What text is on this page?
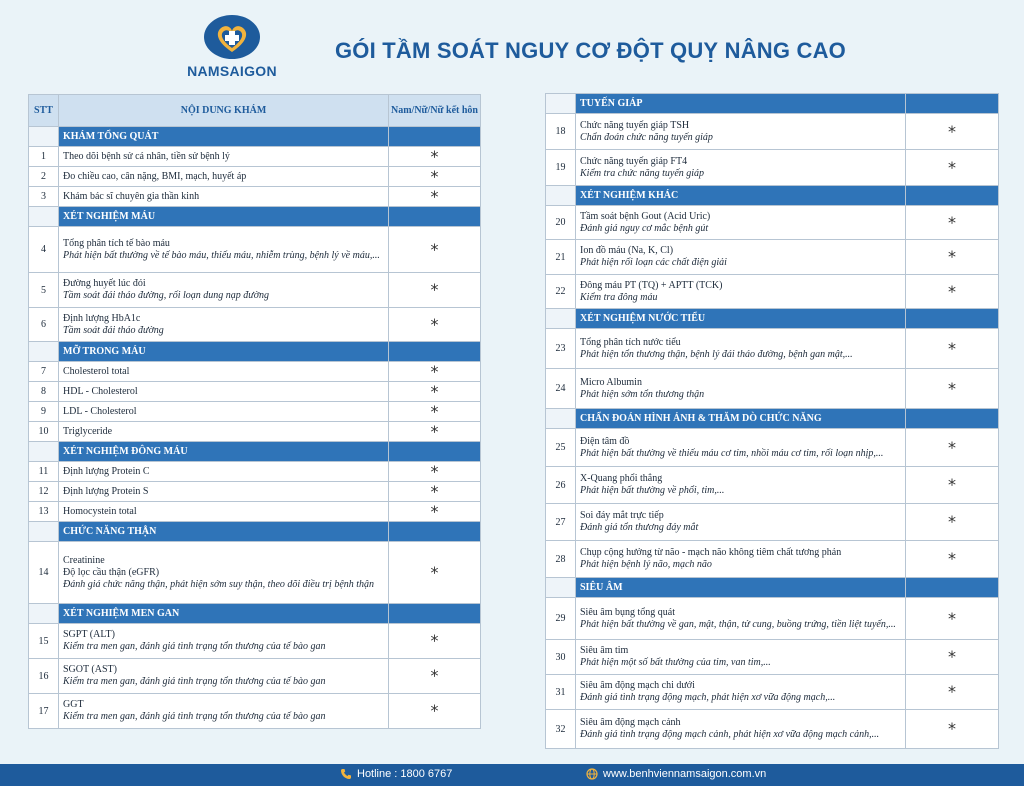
NAMSAIGON
GÓI TẦM SOÁT NGUY CƠ ĐỘT QUỴ NÂNG CAO
STT	NỘI DUNG KHÁM	Nam/Nữ/Nữ kết hôn
	KHÁM TỔNG QUÁT	
1	Theo dõi bệnh sử cá nhân, tiền sử bệnh lý	*
2	Đo chiều cao, cân nặng, BMI, mạch, huyết áp	*
3	Khám bác sĩ chuyên gia thần kinh	*
	XÉT NGHIỆM MÁU	
4	Tổng phân tích tế bào máu
Phát hiện bất thường về tế bào máu, thiếu máu, nhiễm trùng, bệnh lý về máu,...	*
5	Đường huyết lúc đói
Tầm soát đái tháo đường, rối loạn dung nạp đường	*
6	Định lượng HbA1c
Tầm soát đái tháo đường	*
	MỠ TRONG MÁU	
7	Cholesterol total	*
8	HDL - Cholesterol	*
9	LDL - Cholesterol	*
10	Triglyceride	*
	XÉT NGHIỆM ĐÔNG MÁU	
11	Định lượng Protein C	*
12	Định lượng Protein S	*
13	Homocystein total	*
	CHỨC NĂNG THẬN	
14	Creatinine
Độ lọc cầu thận (eGFR)
Đánh giá chức năng thận, phát hiện sớm suy thận, theo dõi điều trị bệnh thận	*
	XÉT NGHIỆM MEN GAN	
15	SGPT (ALT)
Kiểm tra men gan, đánh giá tình trạng tổn thương của tế bào gan	*
16	SGOT (AST)
Kiểm tra men gan, đánh giá tình trạng tổn thương của tế bào gan	*
17	GGT
Kiểm tra men gan, đánh giá tình trạng tổn thương của tế bào gan	*
	TUYẾN GIÁP	
18	Chức năng tuyến giáp TSH
Chẩn đoán chức năng tuyến giáp	*
19	Chức năng tuyến giáp FT4
Kiểm tra chức năng tuyến giáp	*
	XÉT NGHIỆM KHÁC	
20	Tầm soát bệnh Gout (Acid Uric)
Đánh giá nguy cơ mắc bệnh gút	*
21	Ion đồ máu (Na, K, Cl)
Phát hiện rối loạn các chất điện giải	*
22	Đông máu PT (TQ) + APTT (TCK)
Kiểm tra đông máu	*
	XÉT NGHIỆM NƯỚC TIỂU	
23	Tổng phân tích nước tiểu
Phát hiện tổn thương thận, bệnh lý đái tháo đường, bệnh gan mật,...	*
24	Micro Albumin
Phát hiện sớm tổn thương thận	*
	CHẨN ĐOÁN HÌNH ẢNH & THĂM DÒ CHỨC NĂNG	
25	Điện tâm đồ
Phát hiện bất thường về thiếu máu cơ tim, nhồi máu cơ tim, rối loạn nhịp,...	*
26	X-Quang phổi thẳng
Phát hiện bất thường về phổi, tim,...	*
27	Soi đáy mắt trực tiếp
Đánh giá tổn thương đáy mắt	*
28	Chụp cộng hưởng từ não - mạch não không tiêm chất tương phản
Phát hiện bệnh lý não, mạch não	*
	SIÊU ÂM	
29	Siêu âm bụng tổng quát
Phát hiện bất thường về gan, mật, thận, tử cung, buồng trứng, tiền liệt tuyến,...	*
30	Siêu âm tim
Phát hiện một số bất thường của tim, van tim,...	*
31	Siêu âm động mạch chi dưới
Đánh giá tình trạng động mạch, phát hiện xơ vữa động mạch,...	*
32	Siêu âm động mạch cảnh
Đánh giá tình trạng động mạch cảnh, phát hiện xơ vữa động mạch cảnh,...	*
Hotline : 1800 6767	www.benhviennamsaigon.com.vn
